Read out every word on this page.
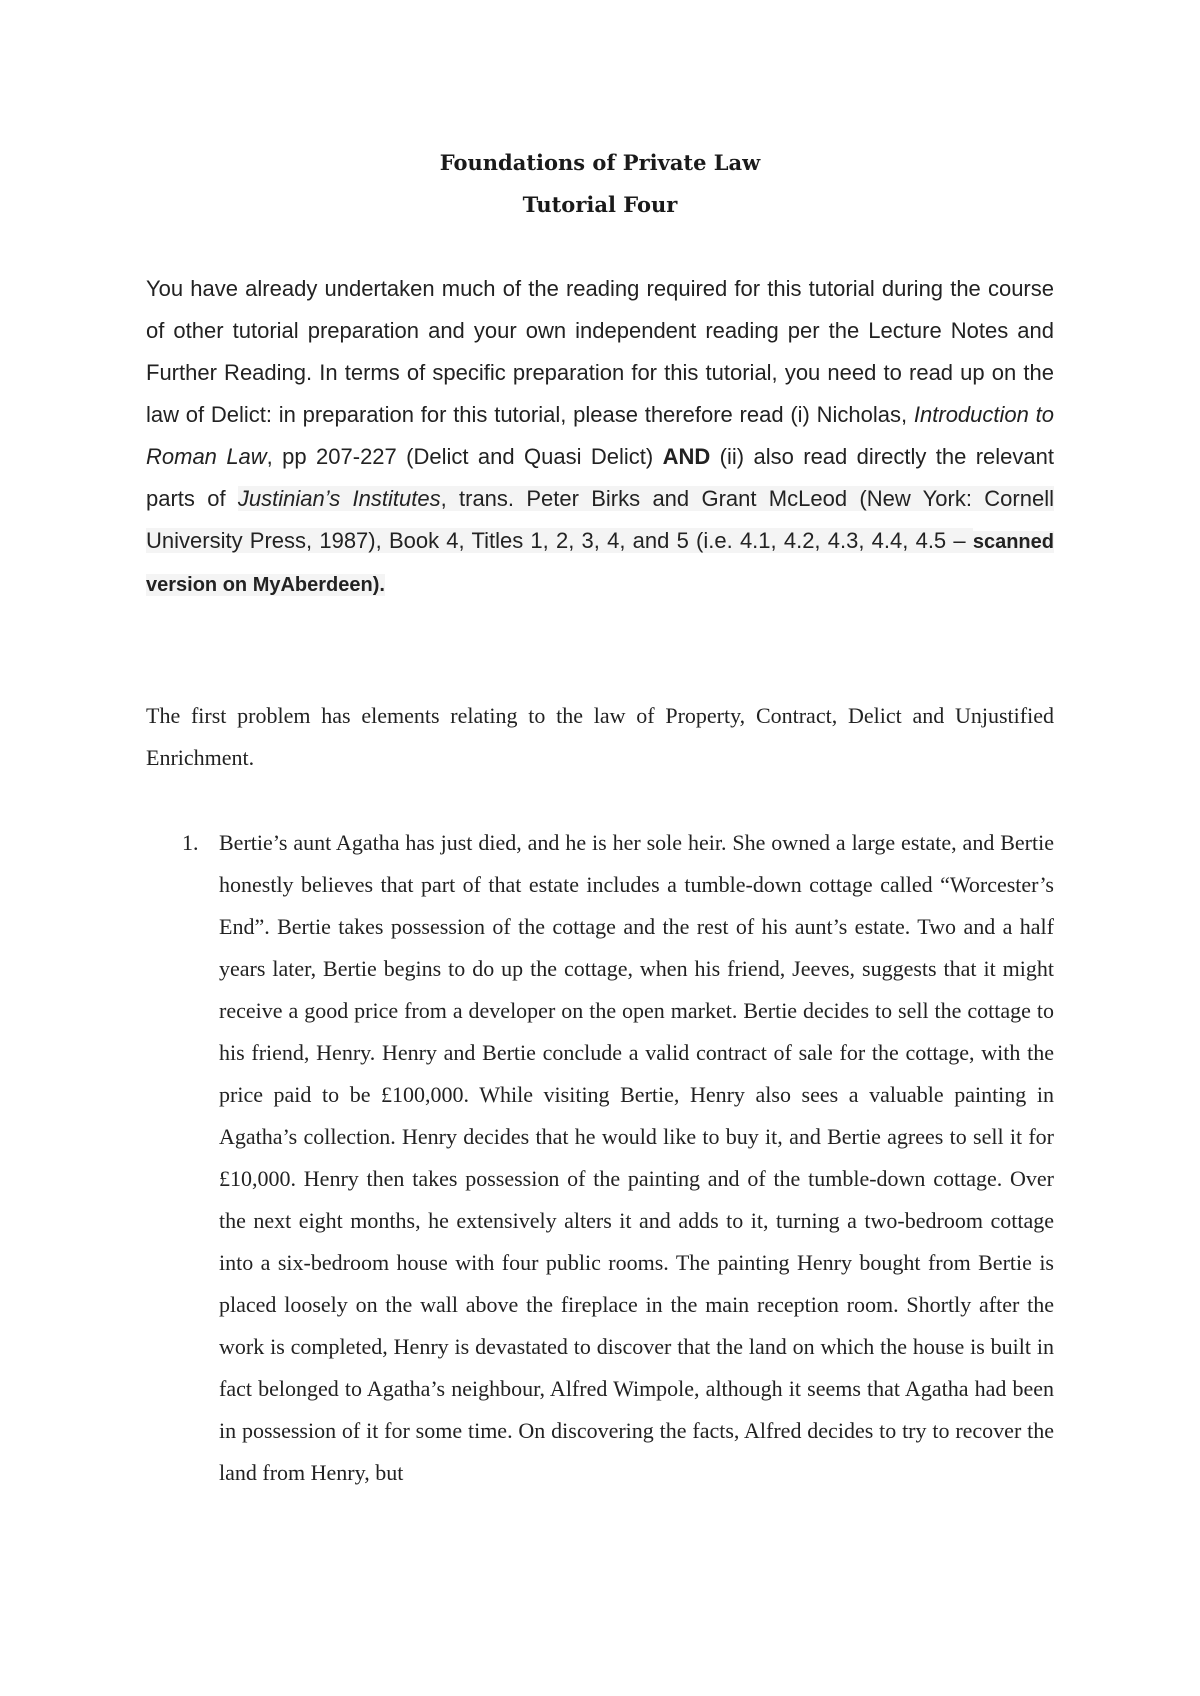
Foundations of Private Law
Tutorial Four

You have already undertaken much of the reading required for this tutorial during the course of other tutorial preparation and your own independent reading per the Lecture Notes and Further Reading. In terms of specific preparation for this tutorial, you need to read up on the law of Delict: in preparation for this tutorial, please therefore read (i) Nicholas, Introduction to Roman Law, pp 207-227 (Delict and Quasi Delict) AND (ii) also read directly the relevant parts of Justinian’s Institutes, trans. Peter Birks and Grant McLeod (New York: Cornell University Press, 1987), Book 4, Titles 1, 2, 3, 4, and 5 (i.e. 4.1, 4.2, 4.3, 4.4, 4.5 – scanned version on MyAberdeen).

The first problem has elements relating to the law of Property, Contract, Delict and Unjustified Enrichment.

1. Bertie’s aunt Agatha has just died, and he is her sole heir. She owned a large estate, and Bertie honestly believes that part of that estate includes a tumble-down cottage called “Worcester’s End”. Bertie takes possession of the cottage and the rest of his aunt’s estate. Two and a half years later, Bertie begins to do up the cottage, when his friend, Jeeves, suggests that it might receive a good price from a developer on the open market. Bertie decides to sell the cottage to his friend, Henry. Henry and Bertie conclude a valid contract of sale for the cottage, with the price paid to be £100,000. While visiting Bertie, Henry also sees a valuable painting in Agatha’s collection. Henry decides that he would like to buy it, and Bertie agrees to sell it for £10,000. Henry then takes possession of the painting and of the tumble-down cottage. Over the next eight months, he extensively alters it and adds to it, turning a two-bedroom cottage into a six-bedroom house with four public rooms. The painting Henry bought from Bertie is placed loosely on the wall above the fireplace in the main reception room. Shortly after the work is completed, Henry is devastated to discover that the land on which the house is built in fact belonged to Agatha’s neighbour, Alfred Wimpole, although it seems that Agatha had been in possession of it for some time. On discovering the facts, Alfred decides to try to recover the land from Henry, but
